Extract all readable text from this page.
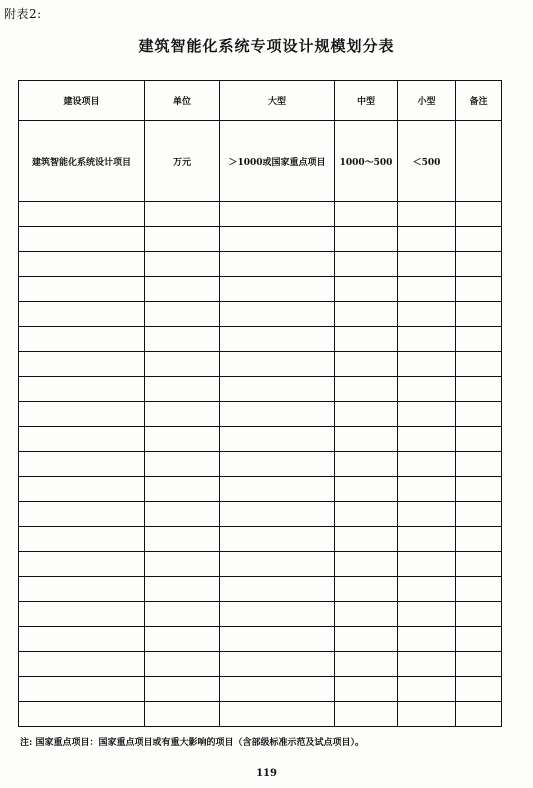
附表2:
建筑智能化系统专项设计规模划分表
建设项目	单位	大型	中型	小型	备注
建筑智能化系统设计项目	万元	＞1000或国家重点项目	1000～500	＜500	

注: 国家重点项目：国家重点项目或有重大影响的项目（含部级标准示范及试点项目）。
119
